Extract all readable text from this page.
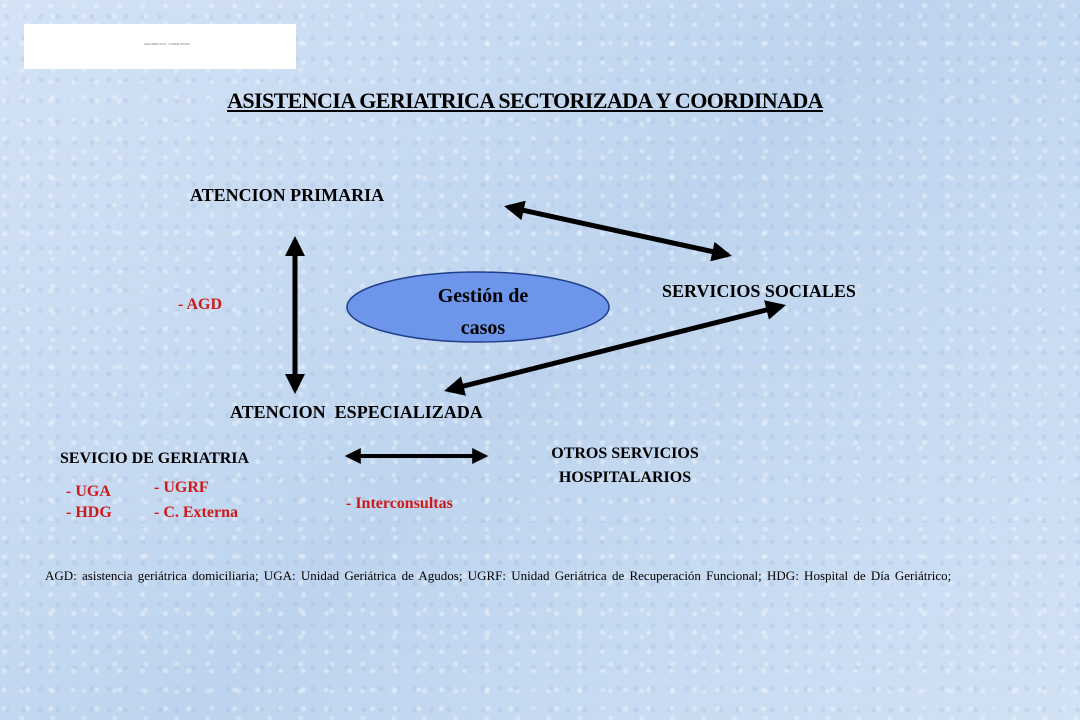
ARGUMENTUM · LOREM IPSUM
ASISTENCIA GERIATRICA SECTORIZADA Y COORDINADA
Gestión de
casos
ATENCION PRIMARIA
SERVICIOS SOCIALES
ATENCION  ESPECIALIZADA
- AGD
SEVICIO DE GERIATRIA	OTROS SERVICIOS
HOSPITALARIOS
- UGA
- HDG
- UGRF
- C. Externa
- Interconsultas
AGD: asistencia geriátrica domiciliaria; UGA: Unidad Geriátrica de Agudos; UGRF: Unidad Geriátrica de Recuperación Funcional; HDG: Hospital de Día Geriátrico;
